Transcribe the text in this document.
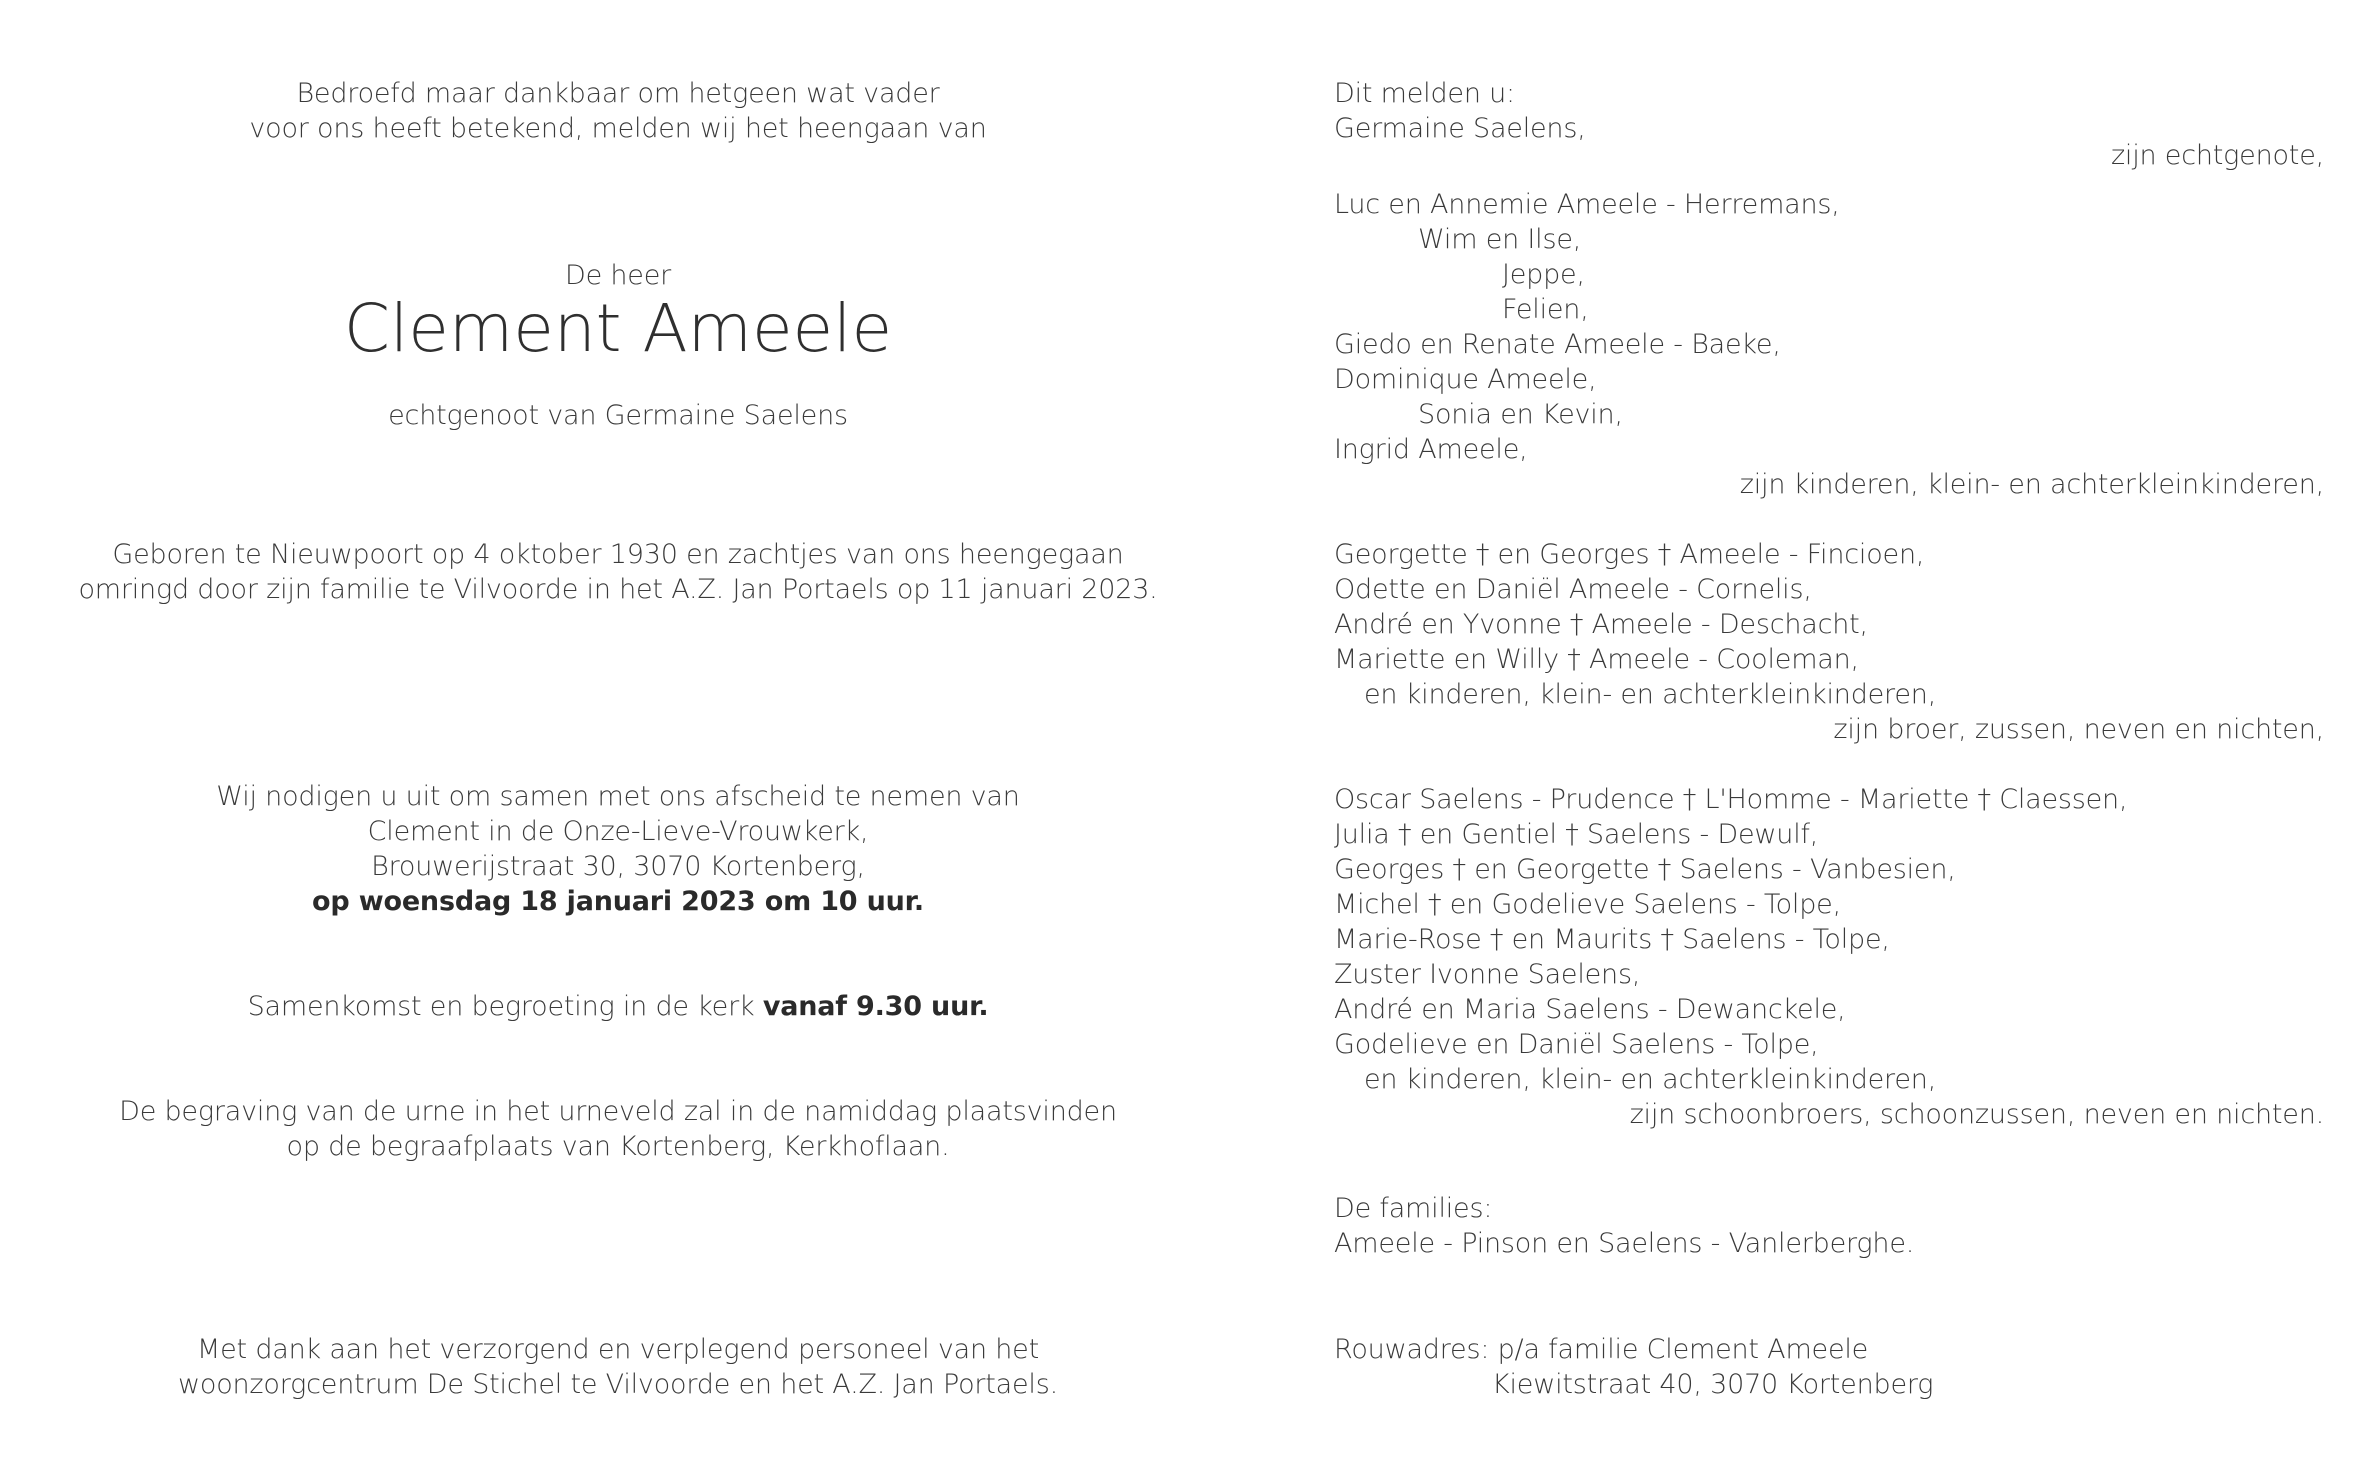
Bedroefd maar dankbaar om hetgeen wat vader
voor ons heeft betekend, melden wij het heengaan van
De heer
Clement Ameele
echtgenoot van Germaine Saelens
Geboren te Nieuwpoort op 4 oktober 1930 en zachtjes van ons heengegaan
omringd door zijn familie te Vilvoorde in het A.Z. Jan Portaels op 11 januari 2023.
Wij nodigen u uit om samen met ons afscheid te nemen van
Clement in de Onze-Lieve-Vrouwkerk,
Brouwerijstraat 30, 3070 Kortenberg,
op woensdag 18 januari 2023 om 10 uur.
Samenkomst en begroeting in de kerk vanaf 9.30 uur.
De begraving van de urne in het urneveld zal in de namiddag plaatsvinden
op de begraafplaats van Kortenberg, Kerkhoflaan.
Met dank aan het verzorgend en verplegend personeel van het
woonzorgcentrum De Stichel te Vilvoorde en het A.Z. Jan Portaels.
Dit melden u:
Germaine Saelens,
zijn echtgenote,
Luc en Annemie Ameele - Herremans,
Wim en Ilse,
Jeppe,
Felien,
Giedo en Renate Ameele - Baeke,
Dominique Ameele,
Sonia en Kevin,
Ingrid Ameele,
zijn kinderen, klein- en achterkleinkinderen,
Georgette † en Georges † Ameele - Fincioen,
Odette en Daniël Ameele - Cornelis,
André en Yvonne † Ameele - Deschacht,
Mariette en Willy † Ameele - Cooleman,
en kinderen, klein- en achterkleinkinderen,
zijn broer, zussen, neven en nichten,
Oscar Saelens - Prudence † L'Homme - Mariette † Claessen,
Julia † en Gentiel † Saelens - Dewulf,
Georges † en Georgette † Saelens - Vanbesien,
Michel † en Godelieve Saelens - Tolpe,
Marie-Rose † en Maurits † Saelens - Tolpe,
Zuster Ivonne Saelens,
André en Maria Saelens - Dewanckele,
Godelieve en Daniël Saelens - Tolpe,
en kinderen, klein- en achterkleinkinderen,
zijn schoonbroers, schoonzussen, neven en nichten.
De families:
Ameele - Pinson en Saelens - Vanlerberghe.
Rouwadres: p/a familie Clement Ameele
Kiewitstraat 40, 3070 Kortenberg
